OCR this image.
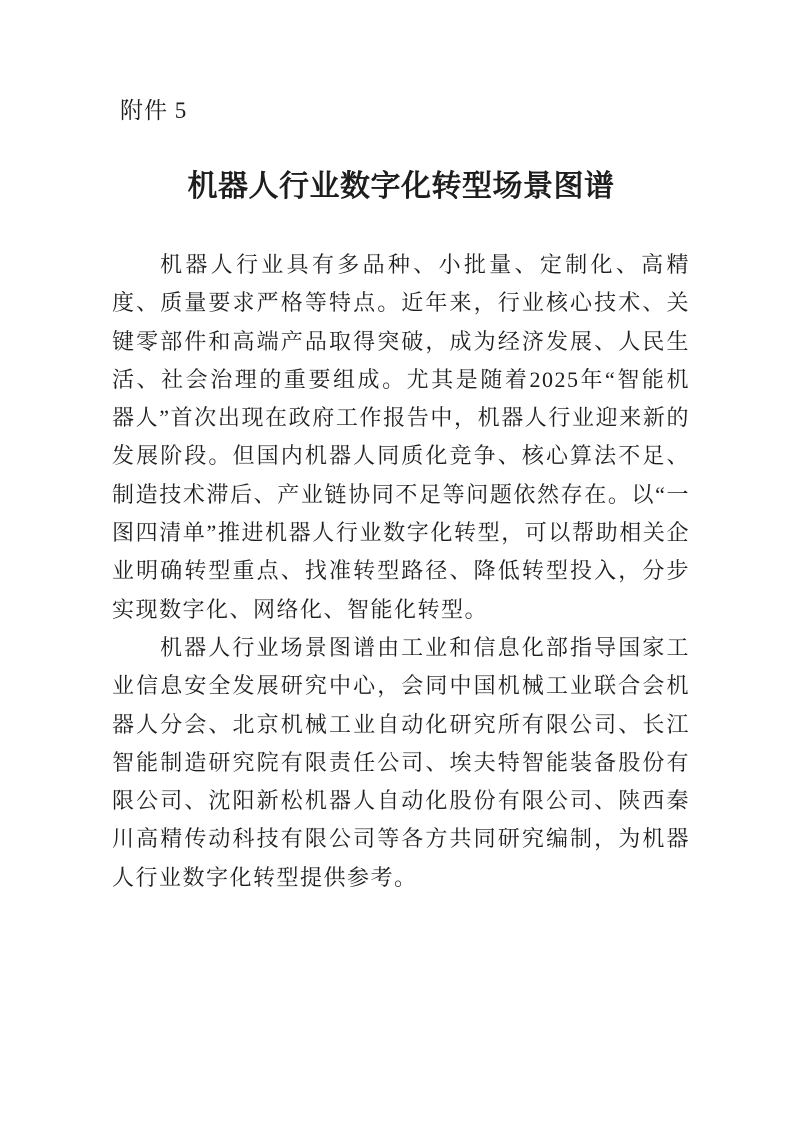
附件 5
机器人行业数字化转型场景图谱

机器人行业具有多品种、小批量、定制化、高精度、质量要求严格等特点。近年来，行业核心技术、关键零部件和高端产品取得突破，成为经济发展、人民生活、社会治理的重要组成。尤其是随着2025年“智能机器人”首次出现在政府工作报告中，机器人行业迎来新的发展阶段。但国内机器人同质化竞争、核心算法不足、制造技术滞后、产业链协同不足等问题依然存在。以“一图四清单”推进机器人行业数字化转型，可以帮助相关企业明确转型重点、找准转型路径、降低转型投入，分步实现数字化、网络化、智能化转型。

机器人行业场景图谱由工业和信息化部指导国家工业信息安全发展研究中心，会同中国机械工业联合会机器人分会、北京机械工业自动化研究所有限公司、长江智能制造研究院有限责任公司、埃夫特智能装备股份有限公司、沈阳新松机器人自动化股份有限公司、陕西秦川高精传动科技有限公司等各方共同研究编制，为机器人行业数字化转型提供参考。
